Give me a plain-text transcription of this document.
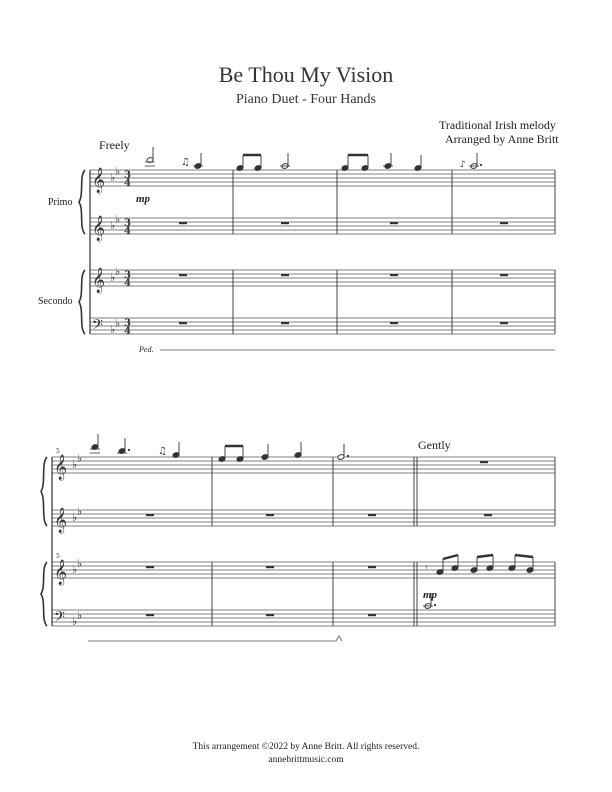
Be Thou My Vision
Piano Duet - Four Hands
Traditional Irish melody
Arranged by Anne Britt
Freely
Gently
Primo
Secondo
mp
mp
Ped.
𝄞 ♭ ♭ 3
4
𝄞 ♭ ♭ 3
4
𝄞 ♭ ♭ 3
4
𝄢 ♭ ♭ 3
4
♫	♪
𝄞 ♭ ♭
𝄞 ♭ ♭
𝄞 ♭ ♭
𝄢 ♭ ♭
5
5
♫
𝄾
This arrangement ©2022 by Anne Britt. All rights reserved.
annebrittmusic.com
